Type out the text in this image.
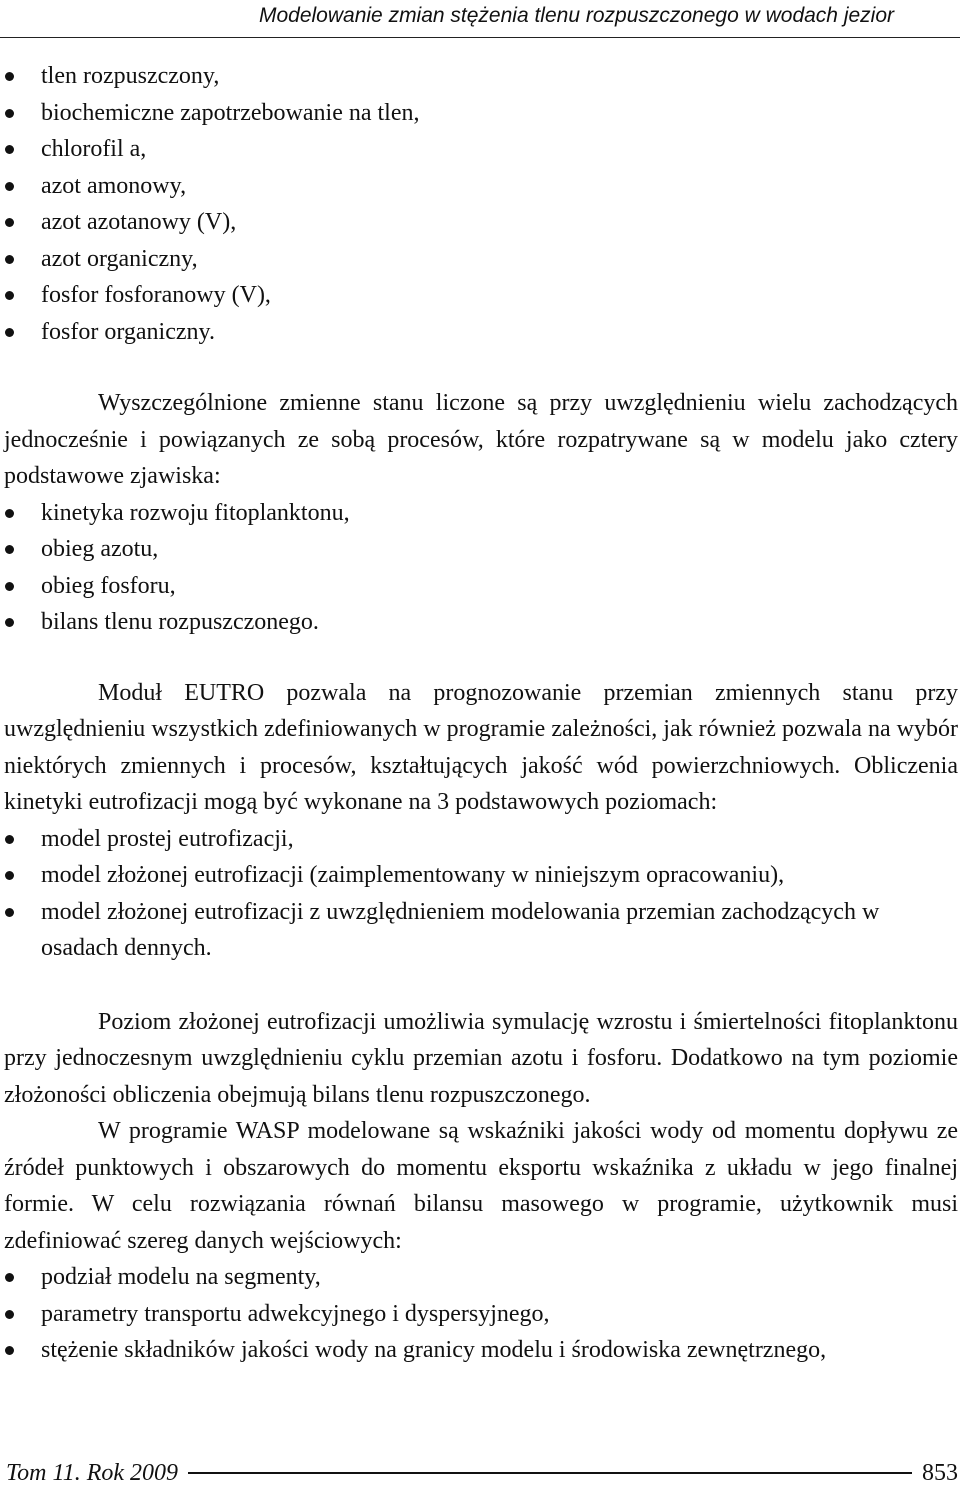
Modelowanie zmian stężenia tlenu rozpuszczonego w wodach jezior
tlen rozpuszczony,
biochemiczne zapotrzebowanie na tlen,
chlorofil a,
azot amonowy,
azot azotanowy (V),
azot organiczny,
fosfor fosforanowy (V),
fosfor organiczny.

Wyszczególnione zmienne stanu liczone są przy uwzględnieniu wielu zachodzących jednocześnie i powiązanych ze sobą procesów, które rozpatrywane są w modelu jako cztery podstawowe zjawiska:

kinetyka rozwoju fitoplanktonu,
obieg azotu,
obieg fosforu,
bilans tlenu rozpuszczonego.

Moduł EUTRO pozwala na prognozowanie przemian zmiennych stanu przy uwzględnieniu wszystkich zdefiniowanych w programie zależności, jak również pozwala na wybór niektórych zmiennych i procesów, kształtujących jakość wód powierzchniowych. Obliczenia kinetyki eutrofizacji mogą być wykonane na 3 podstawowych poziomach:

model prostej eutrofizacji,
model złożonej eutrofizacji (zaimplementowany w niniejszym opracowaniu),
model złożonej eutrofizacji z uwzględnieniem modelowania przemian zachodzących w osadach dennych.

Poziom złożonej eutrofizacji umożliwia symulację wzrostu i śmiertelności fitoplanktonu przy jednoczesnym uwzględnieniu cyklu przemian azotu i fosforu. Dodatkowo na tym poziomie złożoności obliczenia obejmują bilans tlenu rozpuszczonego.

W programie WASP modelowane są wskaźniki jakości wody od momentu dopływu ze źródeł punktowych i obszarowych do momentu eksportu wskaźnika z układu w jego finalnej formie. W celu rozwiązania równań bilansu masowego w programie, użytkownik musi zdefiniować szereg danych wejściowych:

podział modelu na segmenty,
parametry transportu adwekcyjnego i dyspersyjnego,
stężenie składników jakości wody na granicy modelu i środowiska zewnętrznego,
Tom 11. Rok 2009	853
